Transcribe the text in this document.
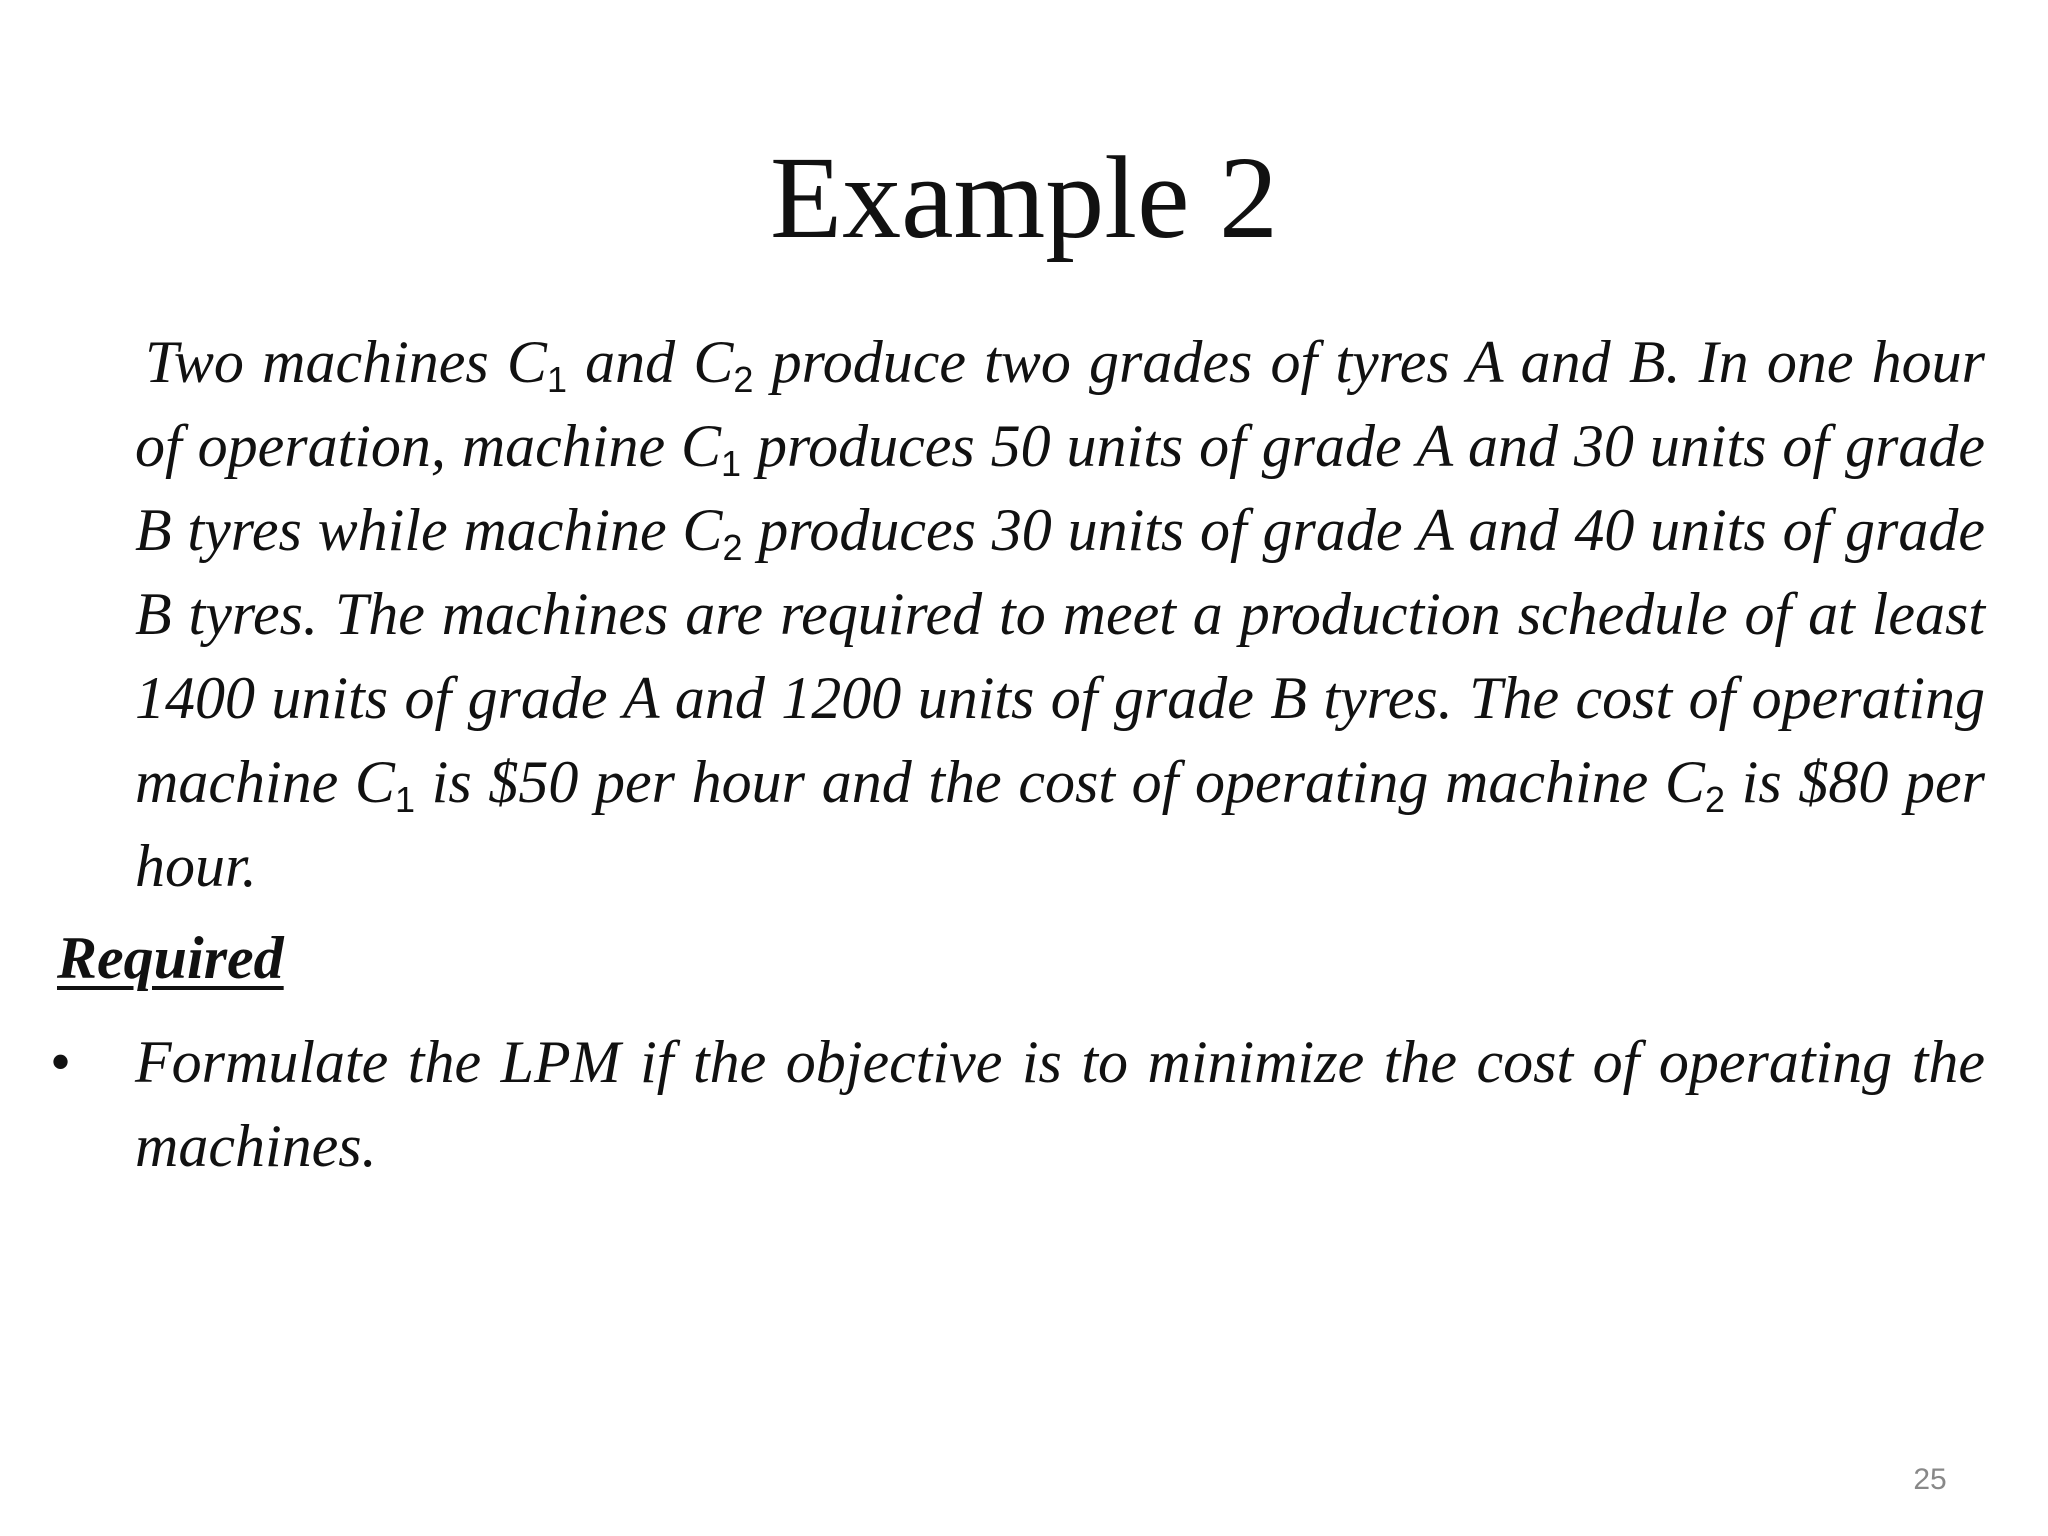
Example 2

Two machines $C_1$ and $C_2$ produce two grades of tyres A and B. In one hour of operation, machine $C_1$ produces 50 units of grade A and 30 units of grade B tyres while machine $C_2$ produces 30 units of grade A and 40 units of grade B tyres. The machines are required to meet a production schedule of at least 1400 units of grade A and 1200 units of grade B tyres. The cost of operating machine $C_1$ is $50 per hour and the cost of operating machine $C_2$ is $80 per hour.

Required

• Formulate the LPM if the objective is to minimize the cost of operating the machines.
25
